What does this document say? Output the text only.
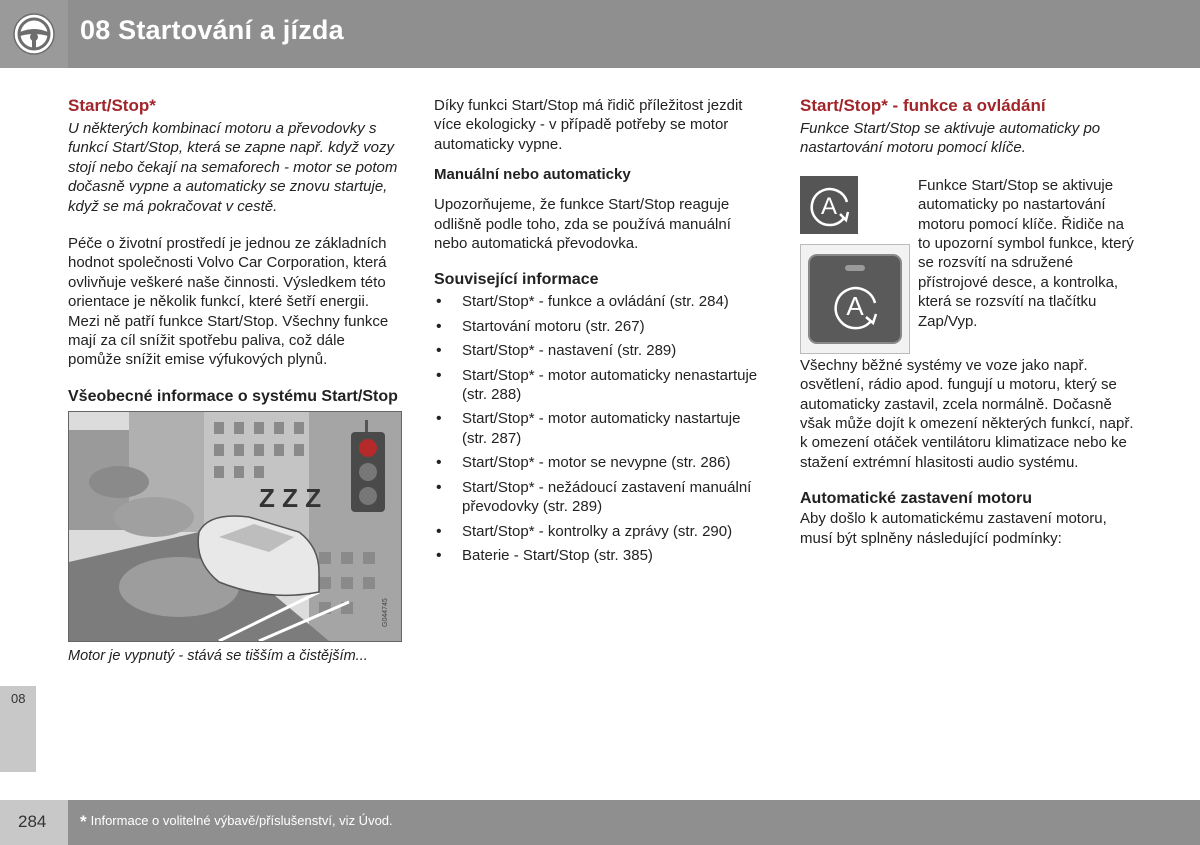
08 Startování a jízda
Start/Stop*
U některých kombinací motoru a převodovky s funkcí Start/Stop, která se zapne např. když vozy stojí nebo čekají na semaforech - motor se potom dočasně vypne a automaticky se znovu startuje, když se má pokračovat v cestě.
Péče o životní prostředí je jednou ze základních hodnot společnosti Volvo Car Corporation, která ovlivňuje veškeré naše činnosti. Výsledkem této orientace je několik funkcí, které šetří energii. Mezi ně patří funkce Start/Stop. Všechny funkce mají za cíl snížit spotřebu paliva, což dále pomůže snížit emise výfukových plynů.
Všeobecné informace o systému Start/Stop
Z Z Z
G044745
Motor je vypnutý - stává se tišším a čistějším...
Díky funkci Start/Stop má řidič příležitost jezdit více ekologicky - v případě potřeby se motor automaticky vypne.
Manuální nebo automaticky
Upozorňujeme, že funkce Start/Stop reaguje odlišně podle toho, zda se používá manuální nebo automatická převodovka.
Související informace
• Start/Stop* - funkce a ovládání (str. 284)
• Startování motoru (str. 267)
• Start/Stop* - nastavení (str. 289)
• Start/Stop* - motor automaticky nenastartuje (str. 288)
• Start/Stop* - motor automaticky nastartuje (str. 287)
• Start/Stop* - motor se nevypne (str. 286)
• Start/Stop* - nežádoucí zastavení manuální převodovky (str. 289)
• Start/Stop* - kontrolky a zprávy (str. 290)
• Baterie - Start/Stop (str. 385)
Start/Stop* - funkce a ovládání
Funkce Start/Stop se aktivuje automaticky po nastartování motoru pomocí klíče.
A
A
Funkce Start/Stop se aktivuje automaticky po nastartování motoru pomocí klíče. Řidiče na to upozorní symbol funkce, který se rozsvítí na sdružené přístrojové desce, a kontrolka, která se rozsvítí na tlačítku Zap/Vyp.
Všechny běžné systémy ve voze jako např. osvětlení, rádio apod. fungují u motoru, který se automaticky zastavil, zcela normálně. Dočasně však může dojít k omezení některých funkcí, např. k omezení otáček ventilátoru klimatizace nebo ke stažení extrémní hlasitosti audio systému.
Automatické zastavení motoru
Aby došlo k automatickému zastavení motoru, musí být splněny následující podmínky:
08
284 * Informace o volitelné výbavě/příslušenství, viz Úvod.
